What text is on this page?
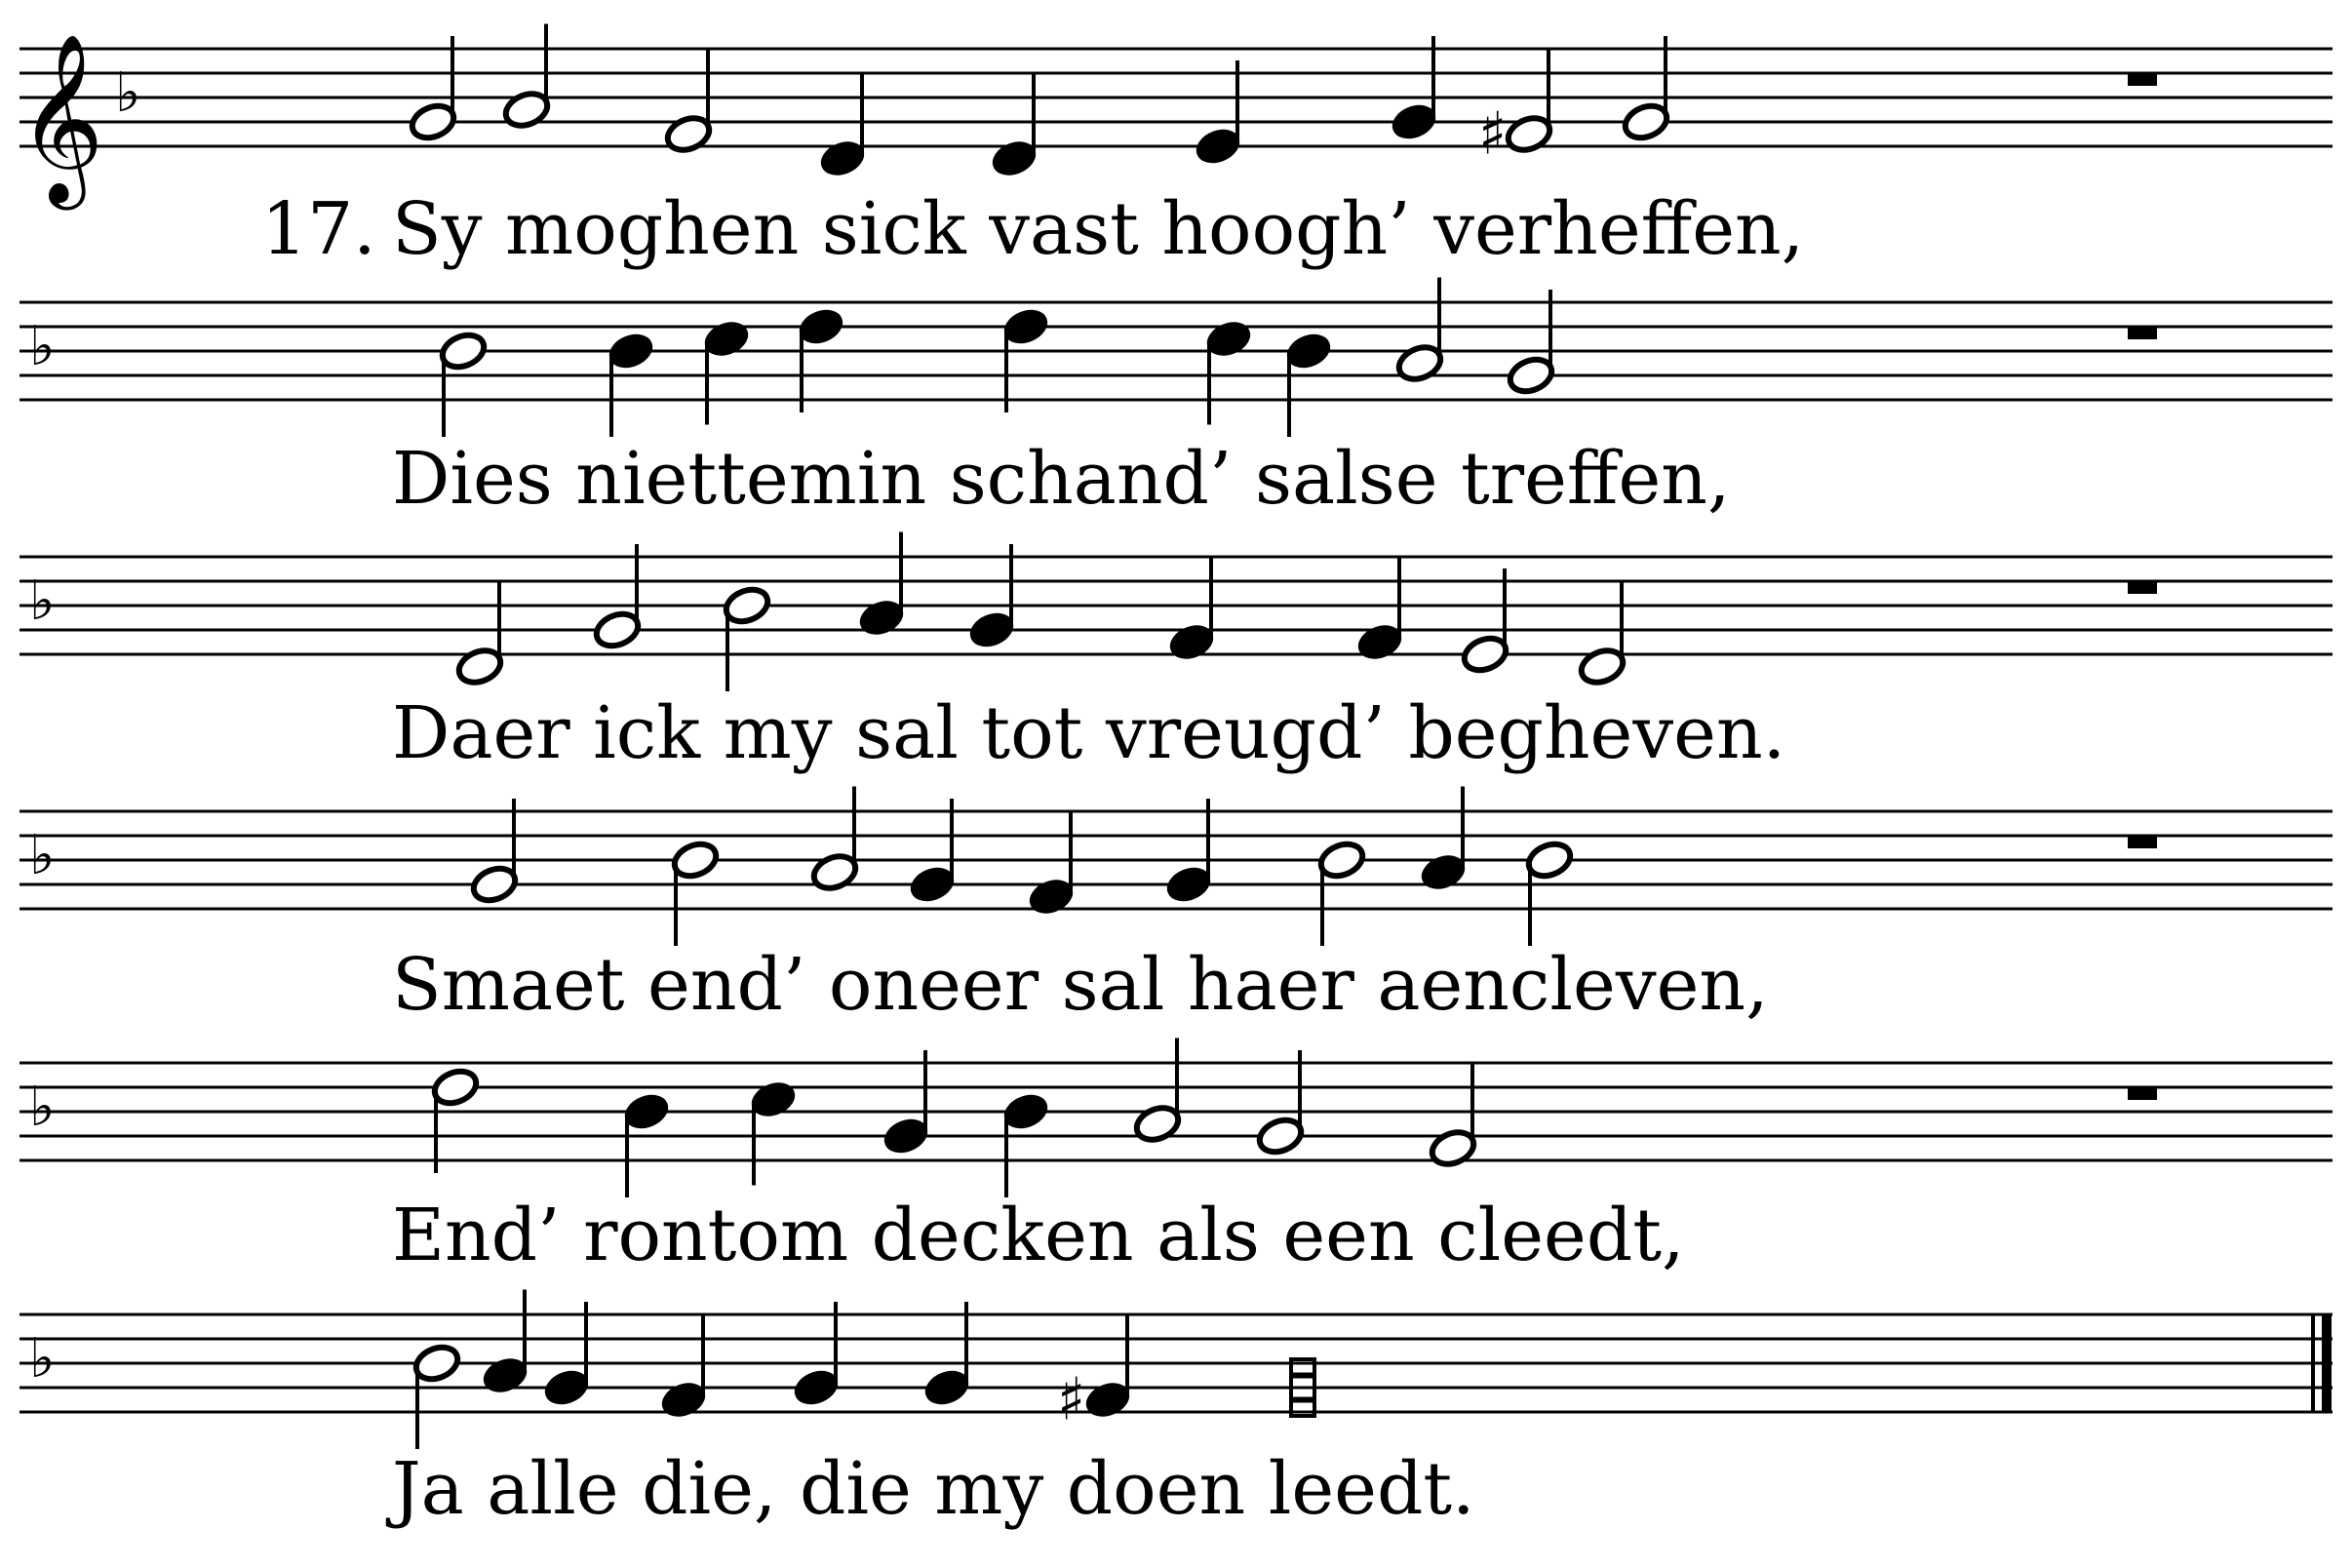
𝄞 ♭
♯
♭
♭
♭
♭
♭
♯
17. Sy moghen sick vast hoogh’ verheffen,
Dies niettemin schand’ salse treffen,
Daer ick my sal tot vreugd’ begheven.
Smaet end’ oneer sal haer aencleven,
End’ rontom decken als een cleedt,
Ja alle die, die my doen leedt.
